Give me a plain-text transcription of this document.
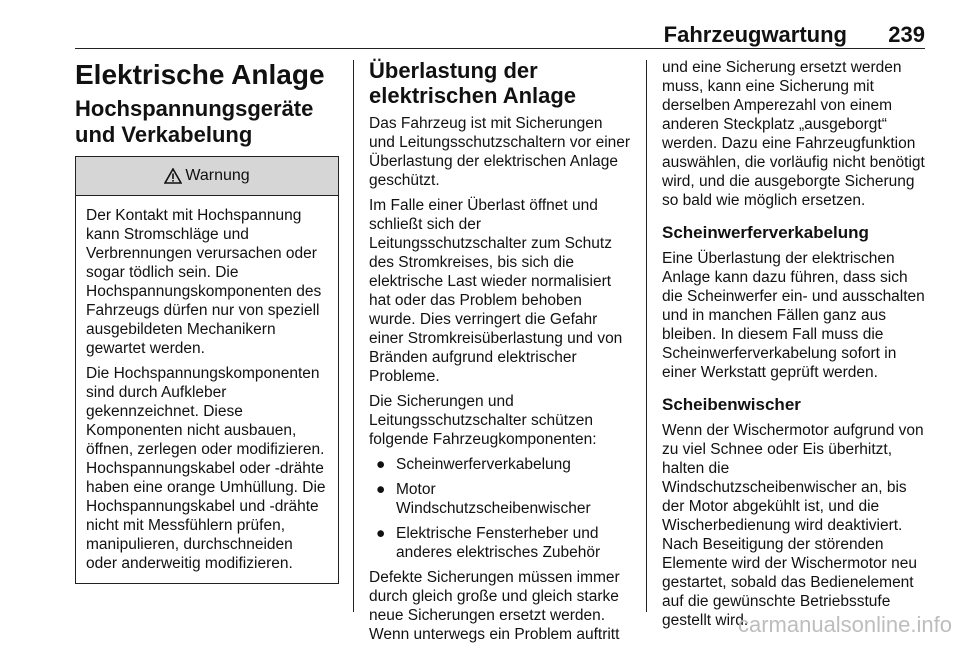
Fahrzeugwartung 239
Elektrische Anlage
Hochspannungsgeräte und Verkabelung
Warnung

Der Kontakt mit Hochspannung kann Stromschläge und Verbrennungen verursachen oder sogar tödlich sein. Die Hochspannungskomponenten des Fahrzeugs dürfen nur von speziell ausgebildeten Mechanikern gewartet werden.

Die Hochspannungskomponenten sind durch Aufkleber gekennzeichnet. Diese Komponenten nicht ausbauen, öffnen, zerlegen oder modifizieren. Hochspannungskabel oder -drähte haben eine orange Umhüllung. Die Hochspannungskabel und -drähte nicht mit Messfühlern prüfen, manipulieren, durchschneiden oder anderweitig modifizieren.

Überlastung der elektrischen Anlage

Das Fahrzeug ist mit Sicherungen und Leitungsschutzschaltern vor einer Überlastung der elektrischen Anlage geschützt.

Im Falle einer Überlast öffnet und schließt sich der Leitungsschutzschalter zum Schutz des Stromkreises, bis sich die elektrische Last wieder normalisiert hat oder das Problem behoben wurde. Dies verringert die Gefahr einer Stromkreisüberlastung und von Bränden aufgrund elektrischer Probleme.

Die Sicherungen und Leitungsschutzschalter schützen folgende Fahrzeugkomponenten:

● Scheinwerferverkabelung
● Motor Windschutzscheibenwischer
● Elektrische Fensterheber und anderes elektrisches Zubehör

Defekte Sicherungen müssen immer durch gleich große und gleich starke neue Sicherungen ersetzt werden. Wenn unterwegs ein Problem auftritt

und eine Sicherung ersetzt werden muss, kann eine Sicherung mit derselben Amperezahl von einem anderen Steckplatz „ausgeborgt“ werden. Dazu eine Fahrzeugfunktion auswählen, die vorläufig nicht benötigt wird, und die ausgeborgte Sicherung so bald wie möglich ersetzen.

Scheinwerferverkabelung

Eine Überlastung der elektrischen Anlage kann dazu führen, dass sich die Scheinwerfer ein- und ausschalten und in manchen Fällen ganz aus bleiben. In diesem Fall muss die Scheinwerferverkabelung sofort in einer Werkstatt geprüft werden.

Scheibenwischer

Wenn der Wischermotor aufgrund von zu viel Schnee oder Eis überhitzt, halten die Windschutzscheibenwischer an, bis der Motor abgekühlt ist, und die Wischerbedienung wird deaktiviert. Nach Beseitigung der störenden Elemente wird der Wischermotor neu gestartet, sobald das Bedienelement auf die gewünschte Betriebsstufe gestellt wird.

carmanualsonline.info
